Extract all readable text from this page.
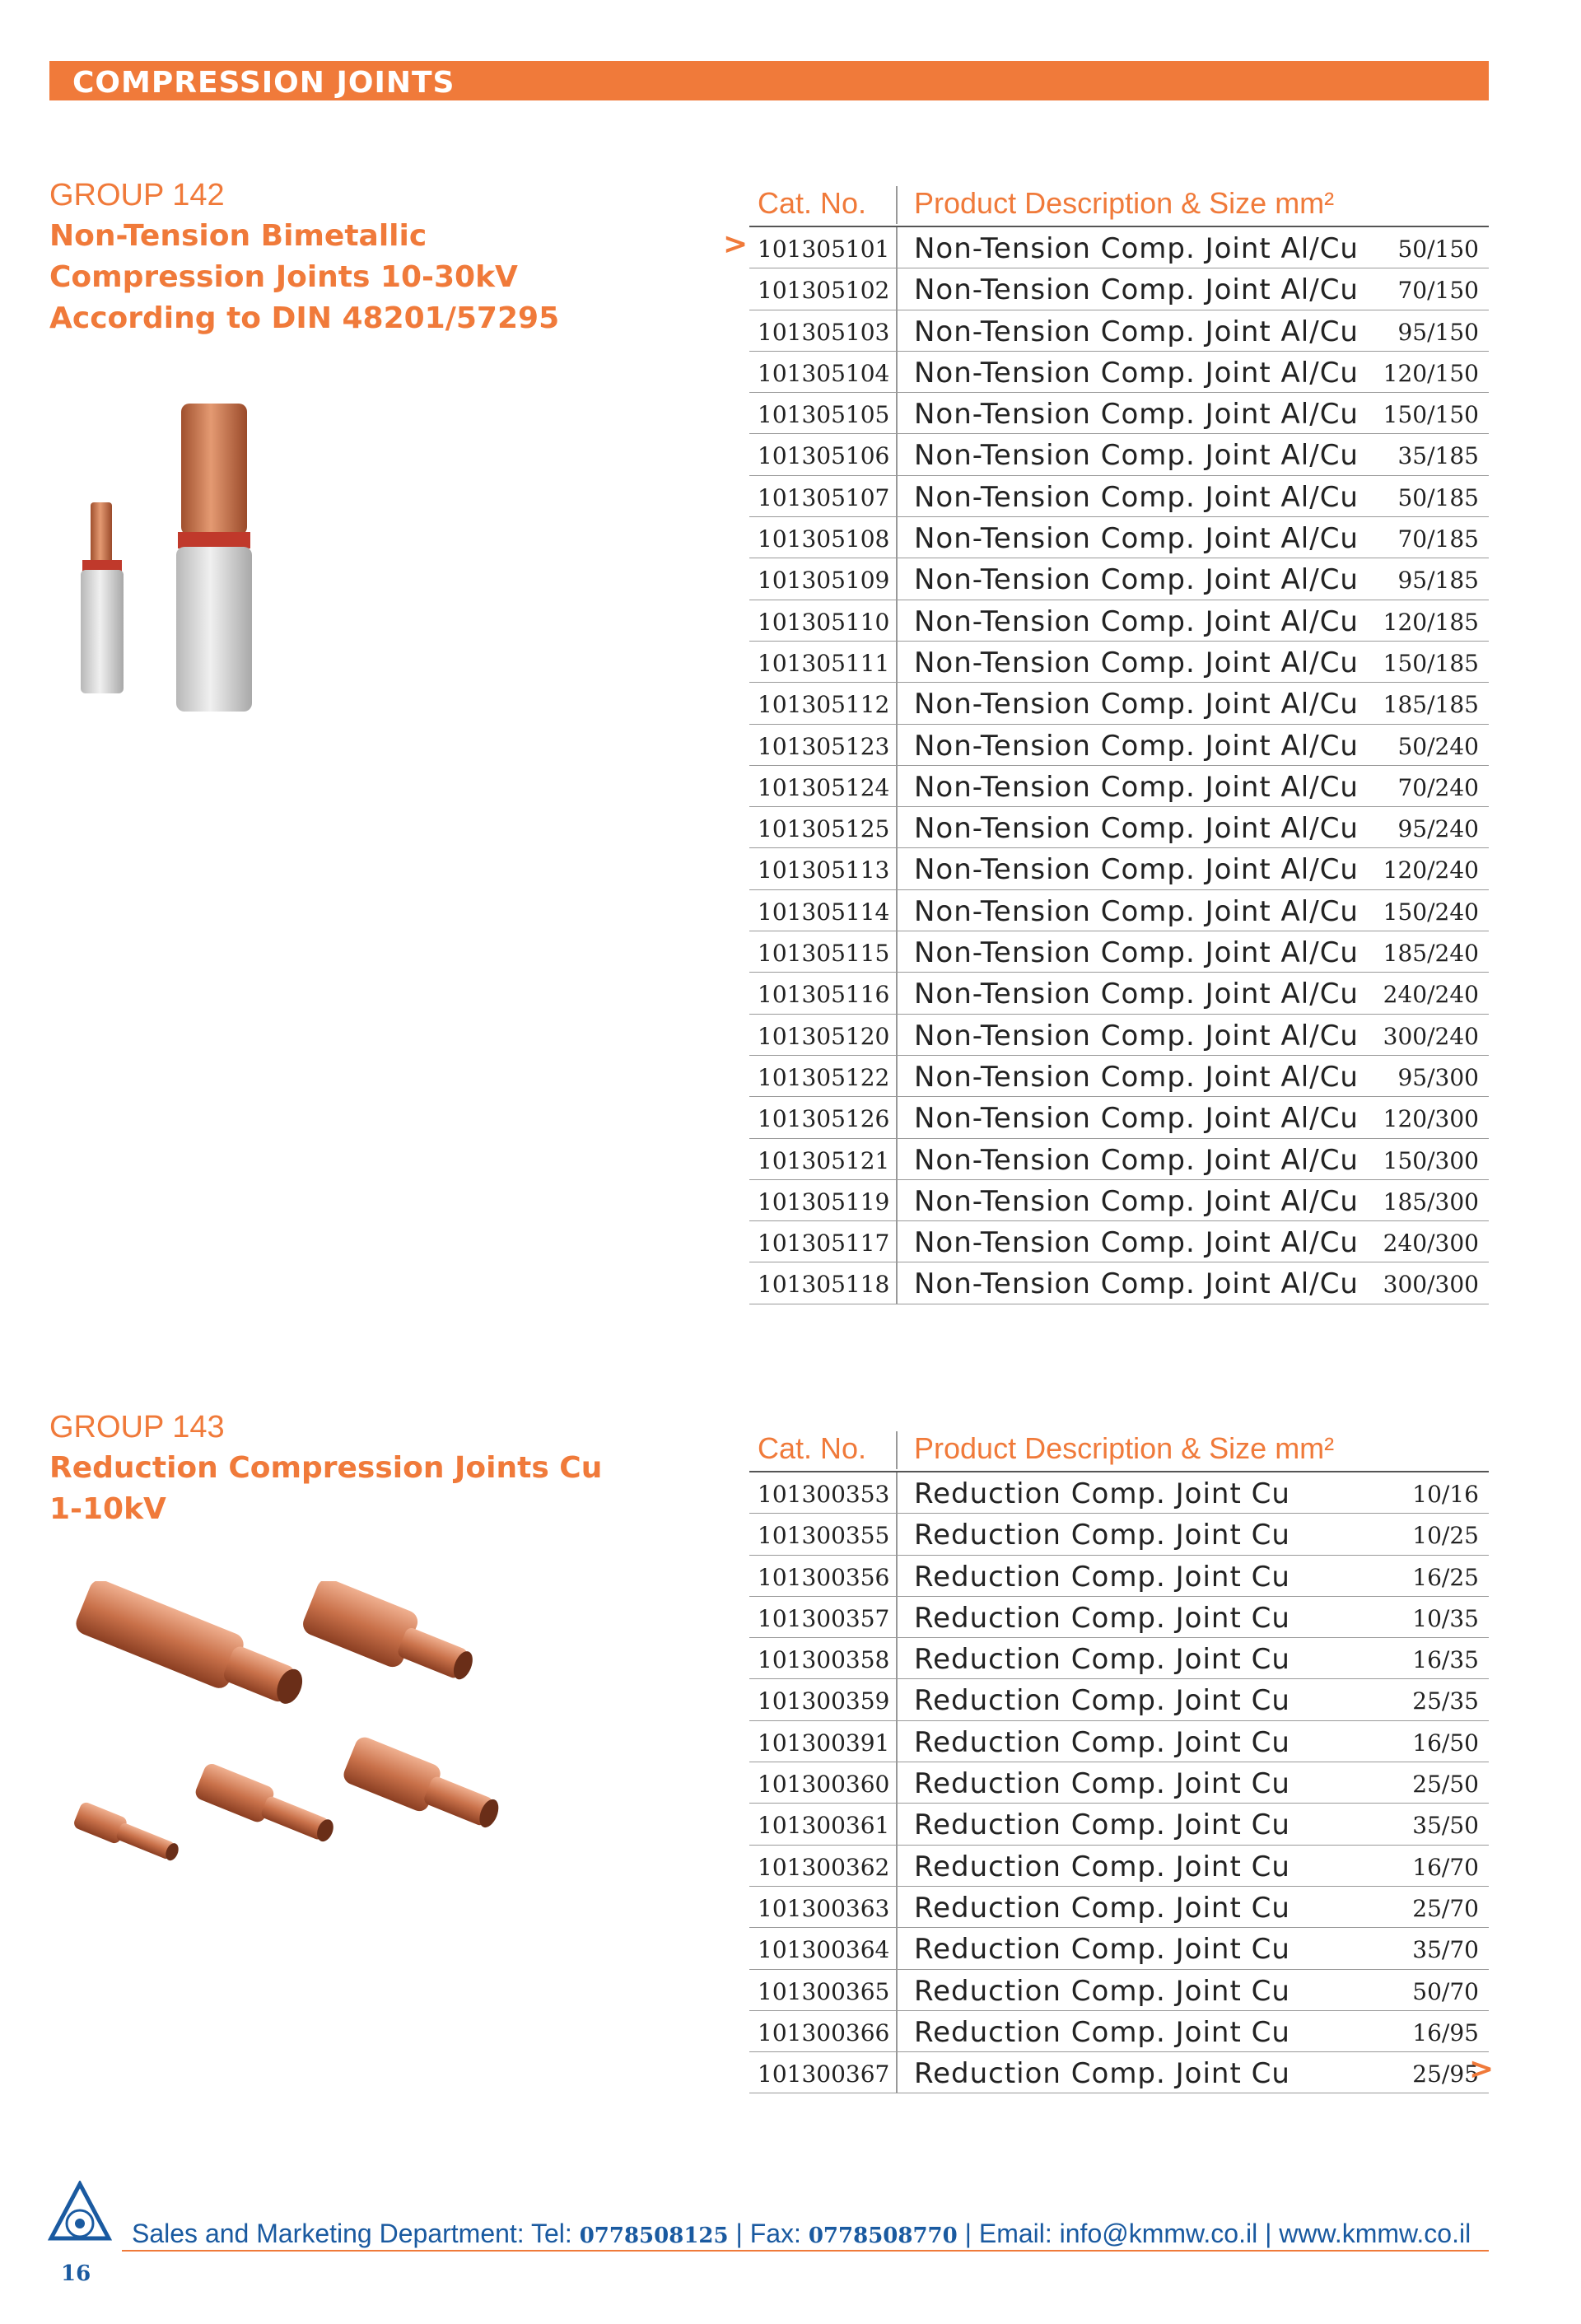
COMPRESSION JOINTS
GROUP 142
Non-Tension Bimetallic
Compression Joints 10-30kV
According to DIN 48201/57295
Cat. No. Product Description & Size mm²
101305101 Non-Tension Comp. Joint Al/Cu 50/150
101305102 Non-Tension Comp. Joint Al/Cu 70/150
101305103 Non-Tension Comp. Joint Al/Cu 95/150
101305104 Non-Tension Comp. Joint Al/Cu 120/150
101305105 Non-Tension Comp. Joint Al/Cu 150/150
101305106 Non-Tension Comp. Joint Al/Cu 35/185
101305107 Non-Tension Comp. Joint Al/Cu 50/185
101305108 Non-Tension Comp. Joint Al/Cu 70/185
101305109 Non-Tension Comp. Joint Al/Cu 95/185
101305110 Non-Tension Comp. Joint Al/Cu 120/185
101305111 Non-Tension Comp. Joint Al/Cu 150/185
101305112 Non-Tension Comp. Joint Al/Cu 185/185
101305123 Non-Tension Comp. Joint Al/Cu 50/240
101305124 Non-Tension Comp. Joint Al/Cu 70/240
101305125 Non-Tension Comp. Joint Al/Cu 95/240
101305113 Non-Tension Comp. Joint Al/Cu 120/240
101305114 Non-Tension Comp. Joint Al/Cu 150/240
101305115 Non-Tension Comp. Joint Al/Cu 185/240
101305116 Non-Tension Comp. Joint Al/Cu 240/240
101305120 Non-Tension Comp. Joint Al/Cu 300/240
101305122 Non-Tension Comp. Joint Al/Cu 95/300
101305126 Non-Tension Comp. Joint Al/Cu 120/300
101305121 Non-Tension Comp. Joint Al/Cu 150/300
101305119 Non-Tension Comp. Joint Al/Cu 185/300
101305117 Non-Tension Comp. Joint Al/Cu 240/300
101305118 Non-Tension Comp. Joint Al/Cu 300/300
GROUP 143
Reduction Compression Joints Cu
1-10kV
Cat. No. Product Description & Size mm²
101300353 Reduction Comp. Joint Cu	10/16
101300355 Reduction Comp. Joint Cu	10/25
101300356 Reduction Comp. Joint Cu	16/25
101300357 Reduction Comp. Joint Cu	10/35
101300358 Reduction Comp. Joint Cu	16/35
101300359 Reduction Comp. Joint Cu	25/35
101300391 Reduction Comp. Joint Cu	16/50
101300360 Reduction Comp. Joint Cu	25/50
101300361 Reduction Comp. Joint Cu	35/50
101300362 Reduction Comp. Joint Cu	16/70
101300363 Reduction Comp. Joint Cu	25/70
101300364 Reduction Comp. Joint Cu	35/70
101300365 Reduction Comp. Joint Cu	50/70
101300366 Reduction Comp. Joint Cu	16/95
101300367 Reduction Comp. Joint Cu	25/95
>
>
Sales and Marketing Department: Tel: 0778508125 | Fax: 0778508770 | Email: info@kmmw.co.il | www.kmmw.co.il
16
